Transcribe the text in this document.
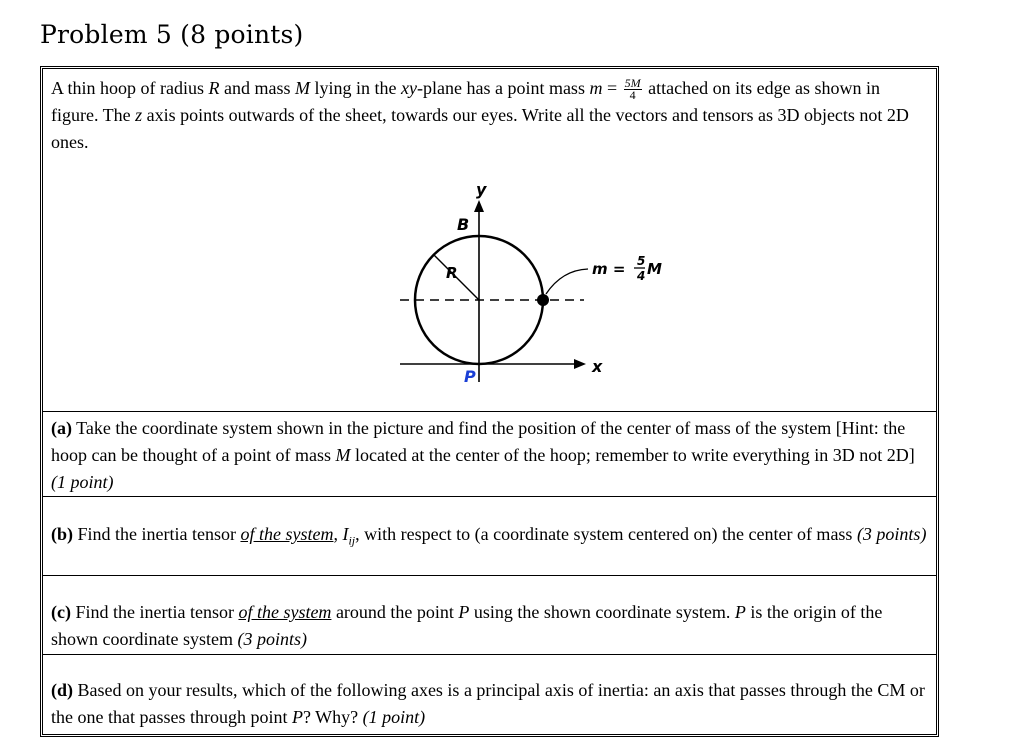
Problem 5 (8 points)
A thin hoop of radius R and mass M lying in the xy-plane has a point mass $m = \frac{5M}{4}$ attached on its edge as shown in figure. The z axis points outwards of the sheet, towards our eyes. Write all the vectors and tensors as 3D objects not 2D ones.
y
x
B
R
P
m = 5
4 M
(a) Take the coordinate system shown in the picture and find the position of the center of mass of the system [Hint: the hoop can be thought of a point of mass M located at the center of the hoop; remember to write everything in 3D not 2D] (1 point)
(b) Find the inertia tensor of the system, $I_{ij}$, with respect to (a coordinate system centered on) the center of mass (3 points)
(c) Find the inertia tensor of the system around the point P using the shown coordinate system. P is the origin of the shown coordinate system (3 points)
(d) Based on your results, which of the following axes is a principal axis of inertia: an axis that passes through the CM or the one that passes through point P? Why? (1 point)
